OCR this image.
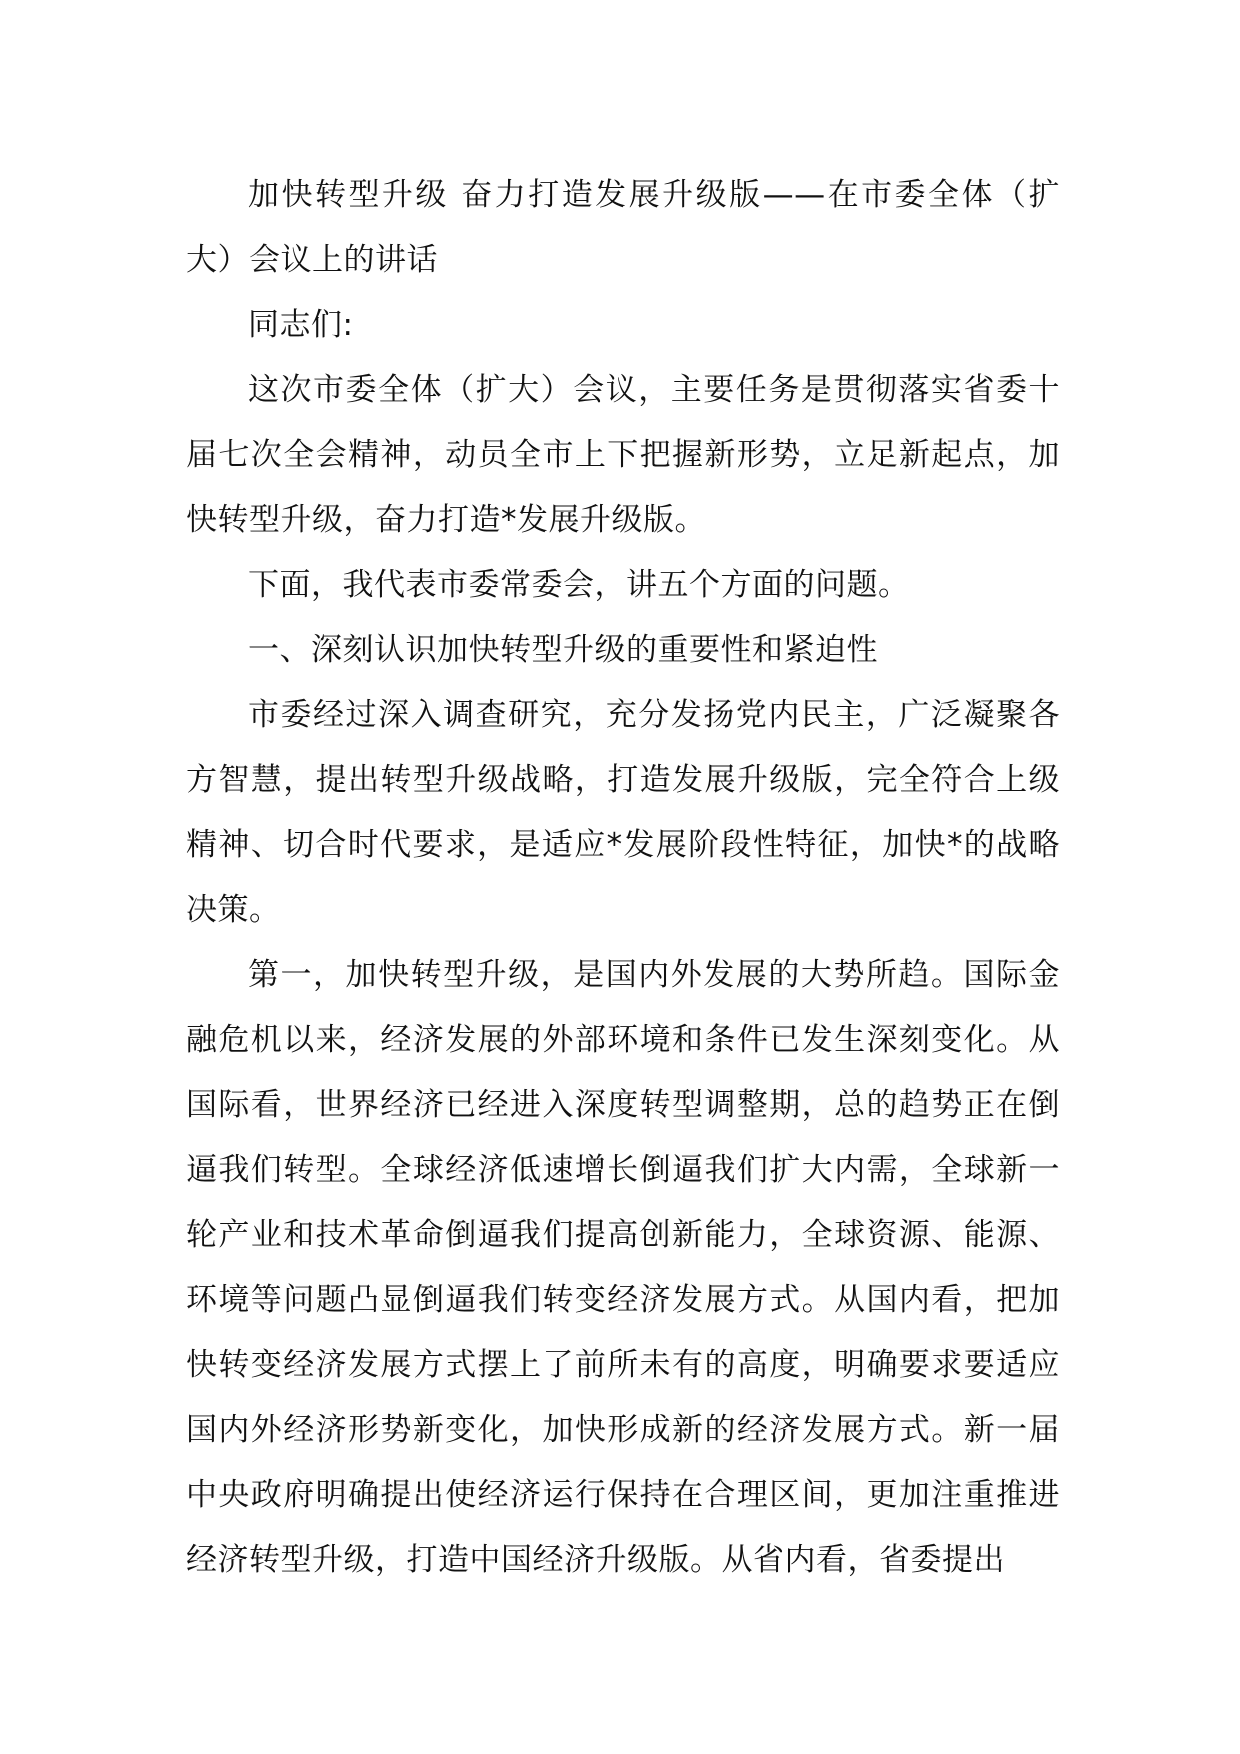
加快转型升级 奋力打造发展升级版——在市委全体（扩大）会议上的讲话

同志们:

这次市委全体（扩大）会议，主要任务是贯彻落实省委十届七次全会精神，动员全市上下把握新形势，立足新起点，加快转型升级，奋力打造*发展升级版。

下面，我代表市委常委会，讲五个方面的问题。

一、深刻认识加快转型升级的重要性和紧迫性

市委经过深入调查研究，充分发扬党内民主，广泛凝聚各方智慧，提出转型升级战略，打造发展升级版，完全符合上级精神、切合时代要求，是适应*发展阶段性特征，加快*的战略决策。

第一，加快转型升级，是国内外发展的大势所趋。国际金融危机以来，经济发展的外部环境和条件已发生深刻变化。从国际看，世界经济已经进入深度转型调整期，总的趋势正在倒逼我们转型。全球经济低速增长倒逼我们扩大内需，全球新一轮产业和技术革命倒逼我们提高创新能力，全球资源、能源、环境等问题凸显倒逼我们转变经济发展方式。从国内看，把加快转变经济发展方式摆上了前所未有的高度，明确要求要适应国内外经济形势新变化，加快形成新的经济发展方式。新一届中央政府明确提出使经济运行保持在合理区间，更加注重推进经济转型升级，打造中国经济升级版。从省内看，省委提出
